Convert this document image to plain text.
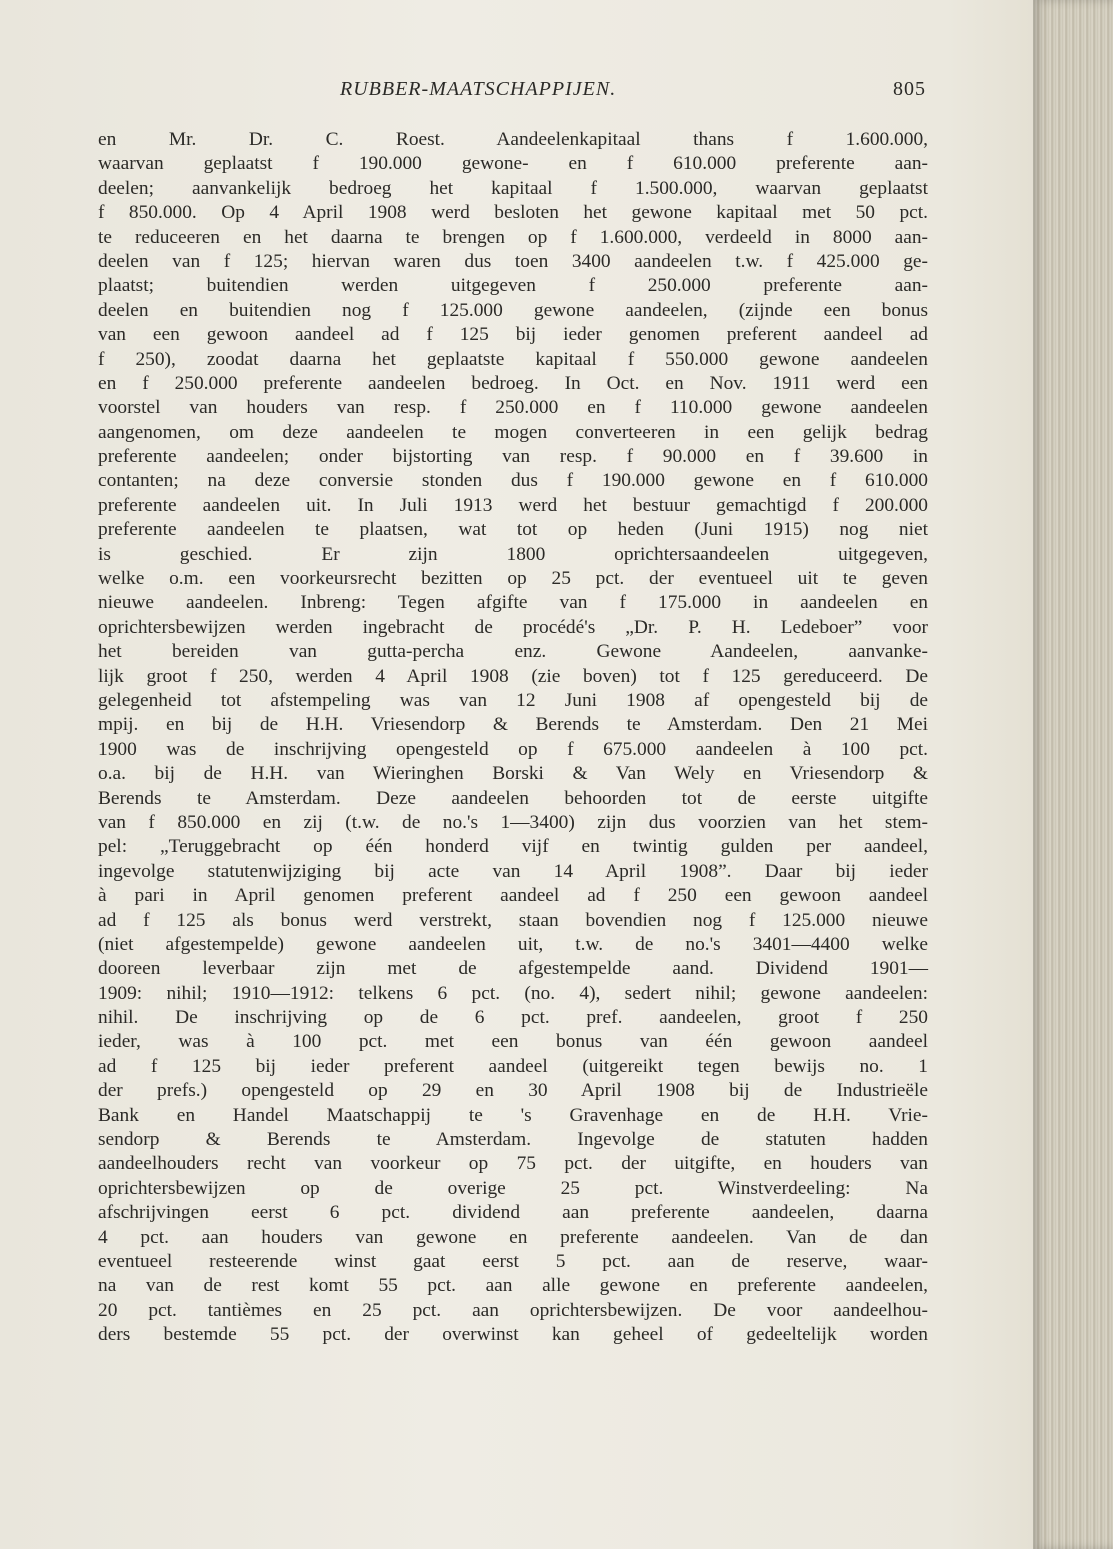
RUBBER-MAATSCHAPPIJEN.	805
en Mr. Dr. C. Roest. Aandeelenkapitaal thans f 1.600.000,
waarvan geplaatst f 190.000 gewone- en f 610.000 preferente aan-
deelen; aanvankelijk bedroeg het kapitaal f 1.500.000, waarvan geplaatst
f 850.000. Op 4 April 1908 werd besloten het gewone kapitaal met 50 pct.
te reduceeren en het daarna te brengen op f 1.600.000, verdeeld in 8000 aan-
deelen van f 125; hiervan waren dus toen 3400 aandeelen t.w. f 425.000 ge-
plaatst; buitendien werden uitgegeven f 250.000 preferente aan-
deelen en buitendien nog f 125.000 gewone aandeelen, (zijnde een bonus
van een gewoon aandeel ad f 125 bij ieder genomen preferent aandeel ad
f 250), zoodat daarna het geplaatste kapitaal f 550.000 gewone aandeelen
en f 250.000 preferente aandeelen bedroeg. In Oct. en Nov. 1911 werd een
voorstel van houders van resp. f 250.000 en f 110.000 gewone aandeelen
aangenomen, om deze aandeelen te mogen converteeren in een gelijk bedrag
preferente aandeelen; onder bijstorting van resp. f 90.000 en f 39.600 in
contanten; na deze conversie stonden dus f 190.000 gewone en f 610.000
preferente aandeelen uit. In Juli 1913 werd het bestuur gemachtigd f 200.000
preferente aandeelen te plaatsen, wat tot op heden (Juni 1915) nog niet
is geschied. Er zijn 1800 oprichtersaandeelen uitgegeven,
welke o.m. een voorkeursrecht bezitten op 25 pct. der eventueel uit te geven
nieuwe aandeelen. Inbreng: Tegen afgifte van f 175.000 in aandeelen en
oprichtersbewijzen werden ingebracht de procédé's „Dr. P. H. Ledeboer” voor
het bereiden van gutta-percha enz. Gewone Aandeelen, aanvanke-
lijk groot f 250, werden 4 April 1908 (zie boven) tot f 125 gereduceerd. De
gelegenheid tot afstempeling was van 12 Juni 1908 af opengesteld bij de
mpij. en bij de H.H. Vriesendorp & Berends te Amsterdam. Den 21 Mei
1900 was de inschrijving opengesteld op f 675.000 aandeelen à 100 pct.
o.a. bij de H.H. van Wieringhen Borski & Van Wely en Vriesendorp &
Berends te Amsterdam. Deze aandeelen behoorden tot de eerste uitgifte
van f 850.000 en zij (t.w. de no.'s 1—3400) zijn dus voorzien van het stem-
pel: „Teruggebracht op één honderd vijf en twintig gulden per aandeel,
ingevolge statutenwijziging bij acte van 14 April 1908”. Daar bij ieder
à pari in April genomen preferent aandeel ad f 250 een gewoon aandeel
ad f 125 als bonus werd verstrekt, staan bovendien nog f 125.000 nieuwe
(niet afgestempelde) gewone aandeelen uit, t.w. de no.'s 3401—4400 welke
dooreen leverbaar zijn met de afgestempelde aand. Dividend 1901—
1909: nihil; 1910—1912: telkens 6 pct. (no. 4), sedert nihil; gewone aandeelen:
nihil. De inschrijving op de 6 pct. pref. aandeelen, groot f 250
ieder, was à 100 pct. met een bonus van één gewoon aandeel
ad f 125 bij ieder preferent aandeel (uitgereikt tegen bewijs no. 1
der prefs.) opengesteld op 29 en 30 April 1908 bij de Industrieële
Bank en Handel Maatschappij te 's Gravenhage en de H.H. Vrie-
sendorp & Berends te Amsterdam. Ingevolge de statuten hadden
aandeelhouders recht van voorkeur op 75 pct. der uitgifte, en houders van
oprichtersbewijzen op de overige 25 pct. Winstverdeeling: Na
afschrijvingen eerst 6 pct. dividend aan preferente aandeelen, daarna
4 pct. aan houders van gewone en preferente aandeelen. Van de dan
eventueel resteerende winst gaat eerst 5 pct. aan de reserve, waar-
na van de rest komt 55 pct. aan alle gewone en preferente aandeelen,
20 pct. tantièmes en 25 pct. aan oprichtersbewijzen. De voor aandeelhou-
ders bestemde 55 pct. der overwinst kan geheel of gedeeltelijk worden
